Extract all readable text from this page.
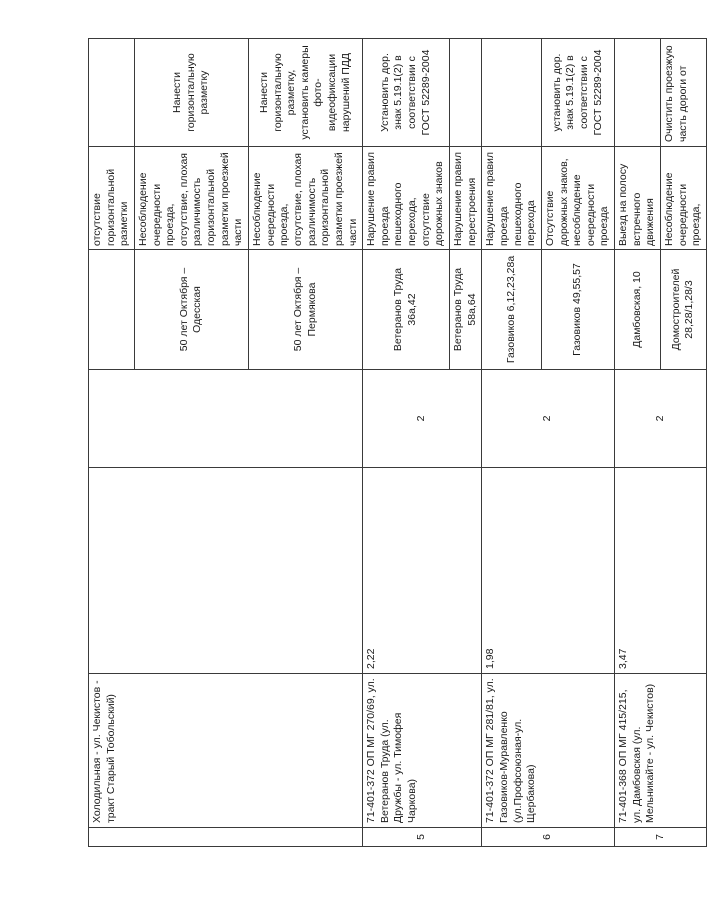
	Холодильная - ул. Чекистов - тракт Старый Тобольский)				отсутствие горизонтальной разметки	
				50 лет Октября – Одесская	Несоблюдение очередности проезда, отсутствие, плохая различимость горизонтальной разметки проезжей части	Нанести горизонтальную разметку
				50 лет Октября – Пермякова	Несоблюдение очередности проезда, отсутствие, плохая различимость горизонтальной разметки проезжей части	Нанести горизонтальную разметку, установить камеры фото-видеофиксации нарушений ПДД
5	71-401-372 ОП МГ 270/69, ул. Ветеранов Труда (ул. Дружбы - ул. Тимофея Чаркова)	2,22	2	Ветеранов Труда 36а,42	Нарушение правил проезда пешеходного перехода, отсутствие дорожных знаков	Установить дор. знак 5.19.1(2) в соответствии с ГОСТ 52289-2004
				Ветеранов Труда 58а,64	Нарушение правил перестроения	
6	71-401-372 ОП МГ 281/81, ул. Газовиков-Муравленко (ул.Профсоюзная-ул. Щербакова)	1,98	2	Газовиков 6,12,23,28а	Нарушение правил проезда пешеходного перехода	
				Газовиков 49,55,57	Отсутствие дорожных знаков, несоблюдение очередности проезда	установить дор. знак 5.19.1(2) в соответствии с ГОСТ 52289-2004
7	71-401-368 ОП МГ 415/215, ул. Дамбовская (ул. Мельникайте - ул. Чекистов)	3,47	2	Дамбовская, 10	Выезд на полосу встречного движения	
				Домостроителей 28,28/1,28/3	Несоблюдение очередности проезда,	Очистить проезжую часть дороги от
